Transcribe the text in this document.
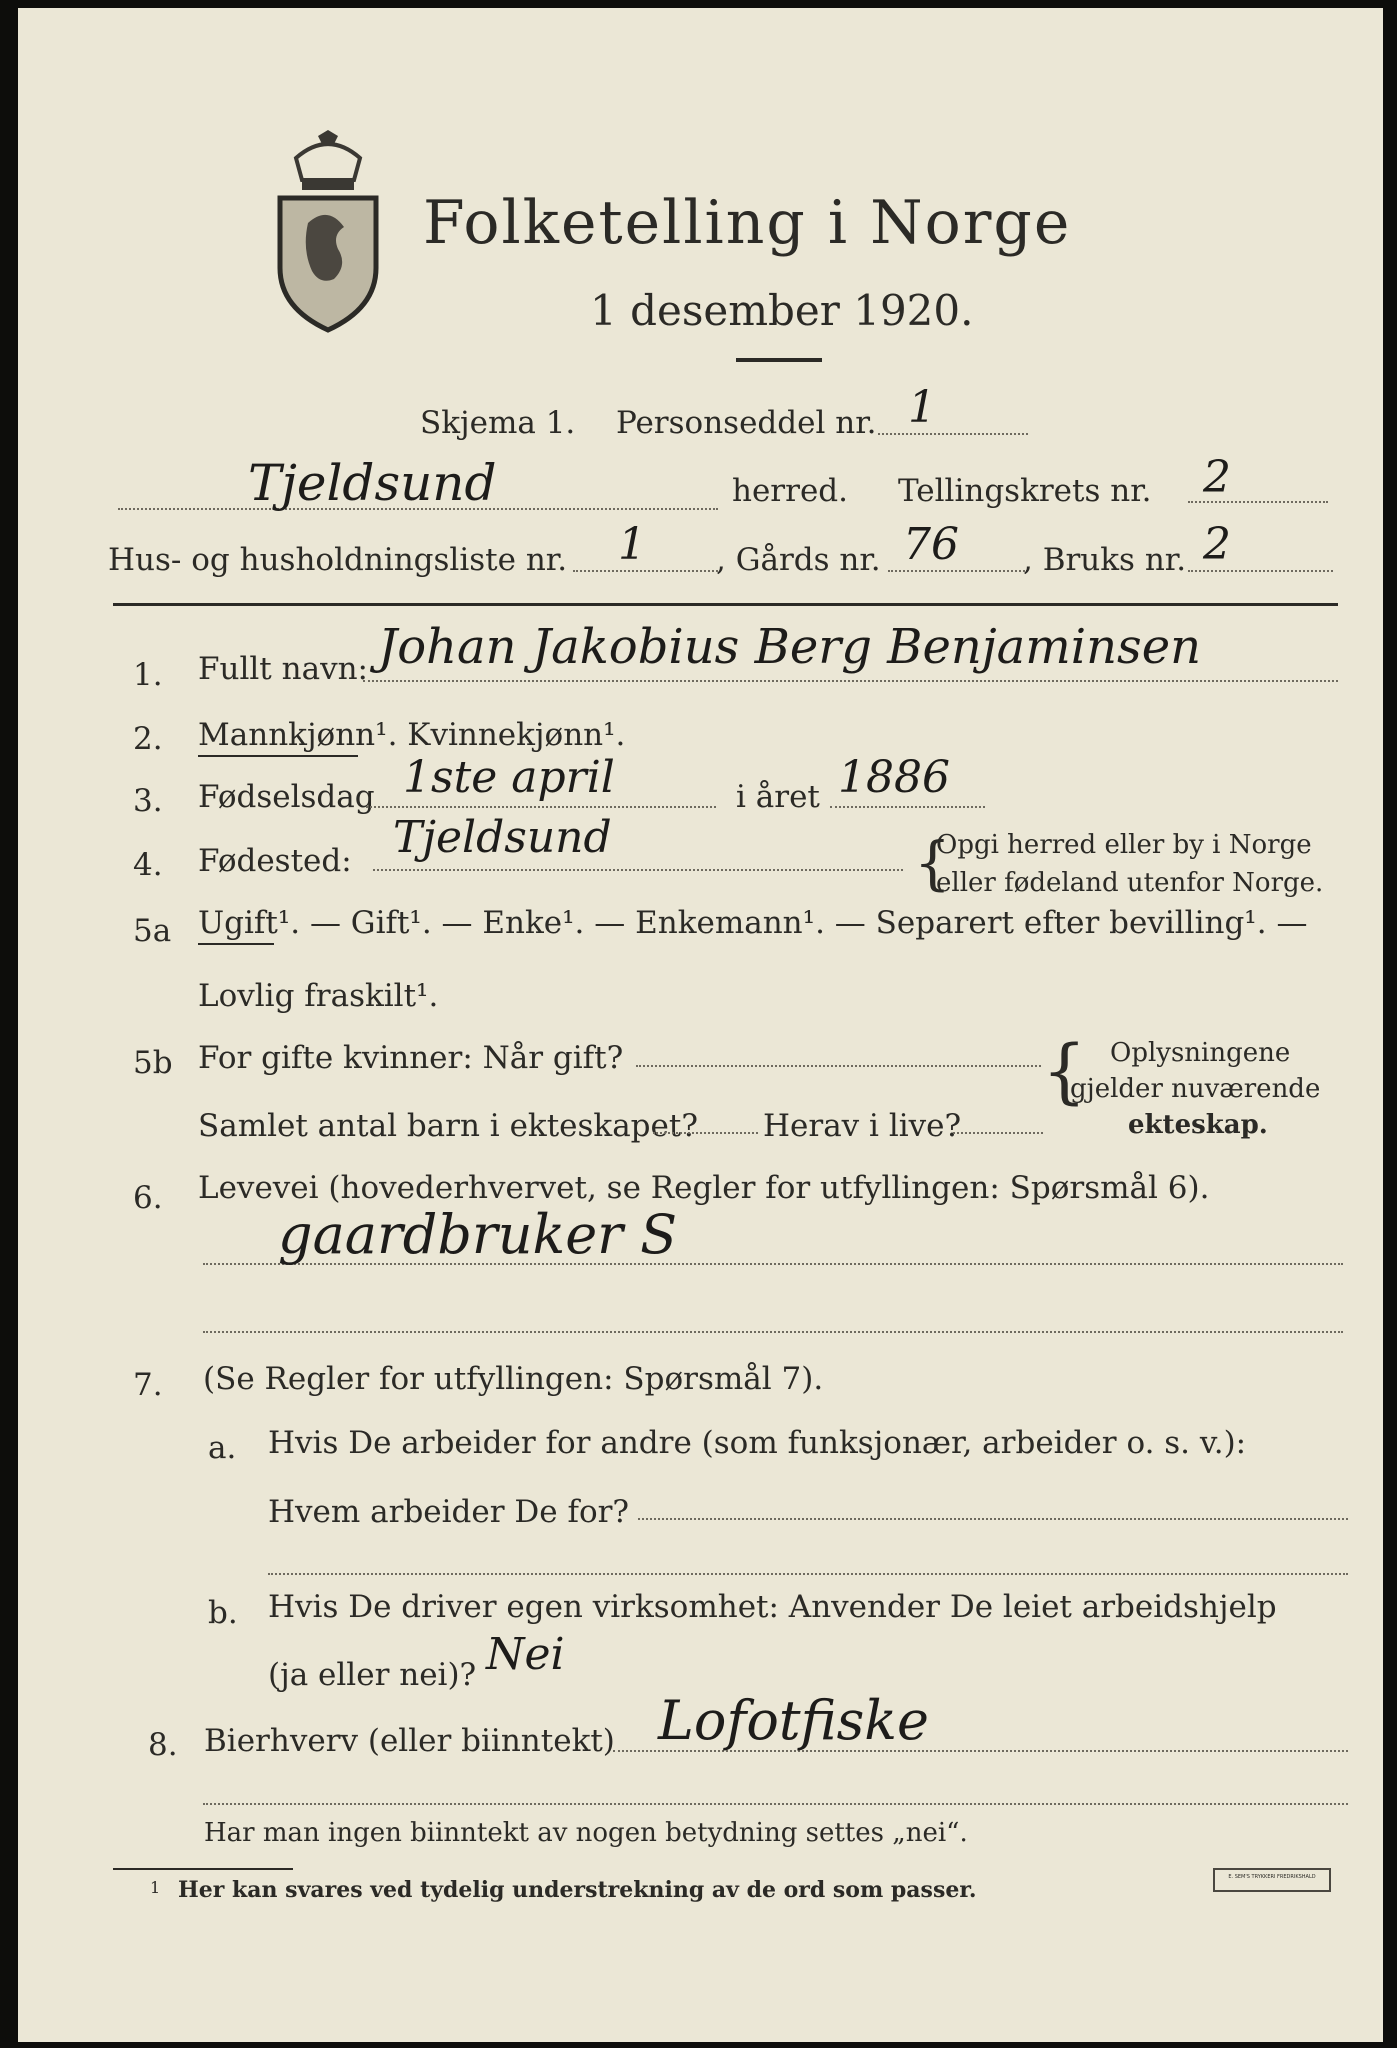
Folketelling i Norge
1 desember 1920.
Skjema 1. Personseddel nr. 1
Tjeldsund	herred. Tellingskrets nr. 2
Hus- og husholdningsliste nr. 1 , Gårds nr. 76 , Bruks nr. 2
1. Fullt navn: Johan Jakobius Berg Benjaminsen
2. Mannkjønn¹. Kvinnekjønn¹.
3. Fødselsdag 1ste april	i året 1886
4. Fødested: Tjeldsund	Opgi herred eller by i Norge
eller fødeland utenfor Norge.
{
5a Ugift¹. — Gift¹. — Enke¹. — Enkemann¹. — Separert efter bevilling¹. —
Lovlig fraskilt¹.
5b For gifte kvinner: Når gift?
Samlet antal barn i ekteskapet? Herav i live?
{ Oplysningene
gjelder nuværende
ekteskap.
6. Levevei (hovederhvervet, se Regler for utfyllingen: Spørsmål 6).
gaardbruker S
7. (Se Regler for utfyllingen: Spørsmål 7).
a. Hvis De arbeider for andre (som funksjonær, arbeider o. s. v.):
Hvem arbeider De for?
b. Hvis De driver egen virksomhet: Anvender De leiet arbeidshjelp
(ja eller nei)? Nei
8. Bierhverv (eller biinntekt) Lofotfiske
Har man ingen biinntekt av nogen betydning settes „nei“.
1 Her kan svares ved tydelig understrekning av de ord som passer.	E. SEM'S TRYKKERI FREDRIKSHALD
